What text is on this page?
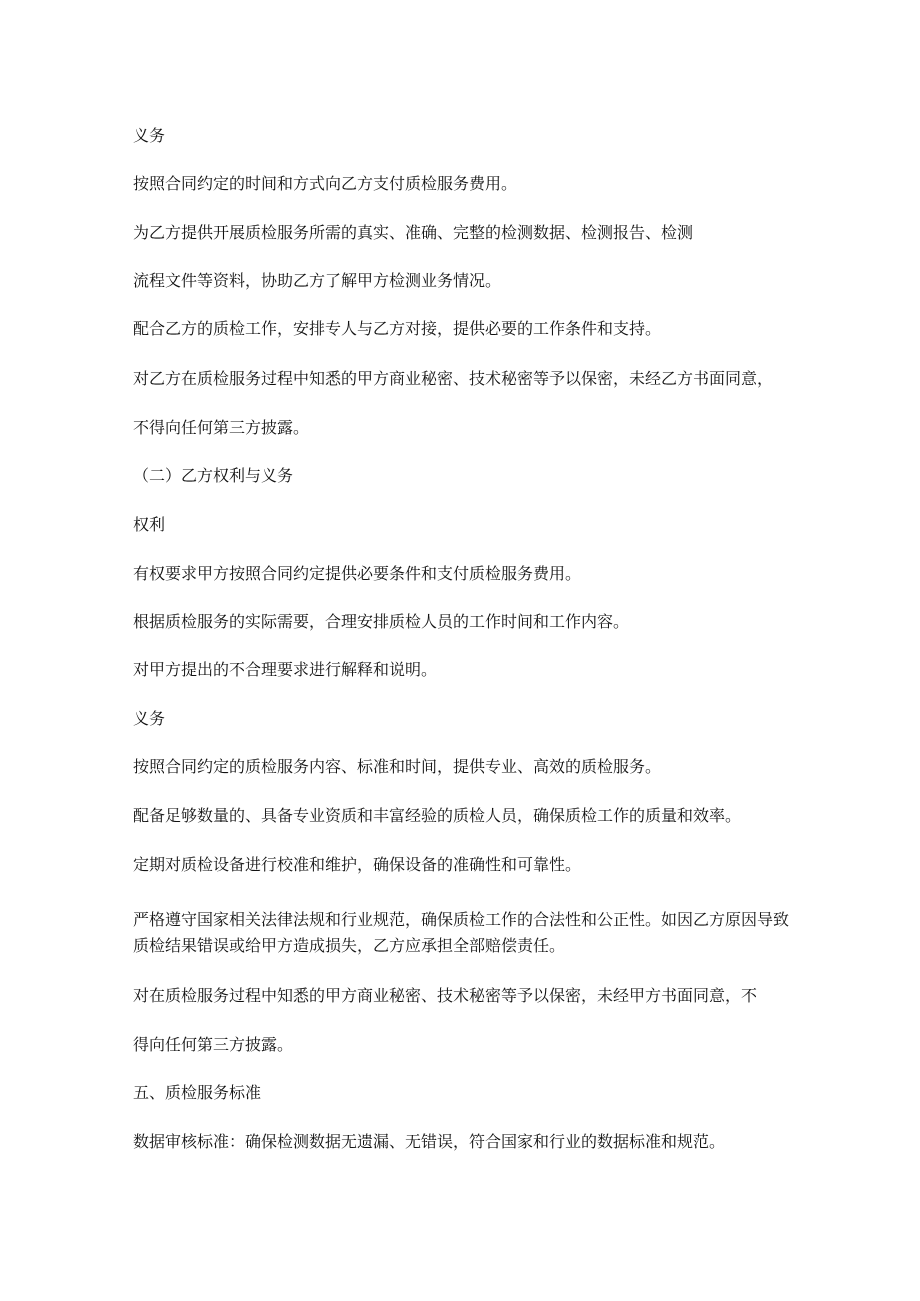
义务

按照合同约定的时间和方式向乙方支付质检服务费用。

为乙方提供开展质检服务所需的真实、准确、完整的检测数据、检测报告、检测

流程文件等资料，协助乙方了解甲方检测业务情况。

配合乙方的质检工作，安排专人与乙方对接，提供必要的工作条件和支持。

对乙方在质检服务过程中知悉的甲方商业秘密、技术秘密等予以保密，未经乙方书面同意，

不得向任何第三方披露。

（二）乙方权利与义务

权利

有权要求甲方按照合同约定提供必要条件和支付质检服务费用。

根据质检服务的实际需要，合理安排质检人员的工作时间和工作内容。

对甲方提出的不合理要求进行解释和说明。

义务

按照合同约定的质检服务内容、标准和时间，提供专业、高效的质检服务。

配备足够数量的、具备专业资质和丰富经验的质检人员，确保质检工作的质量和效率。

定期对质检设备进行校准和维护，确保设备的准确性和可靠性。

严格遵守国家相关法律法规和行业规范，确保质检工作的合法性和公正性。如因乙方原因导致质检结果错误或给甲方造成损失，乙方应承担全部赔偿责任。

对在质检服务过程中知悉的甲方商业秘密、技术秘密等予以保密，未经甲方书面同意，不

得向任何第三方披露。

五、质检服务标准

数据审核标准：确保检测数据无遗漏、无错误，符合国家和行业的数据标准和规范。
